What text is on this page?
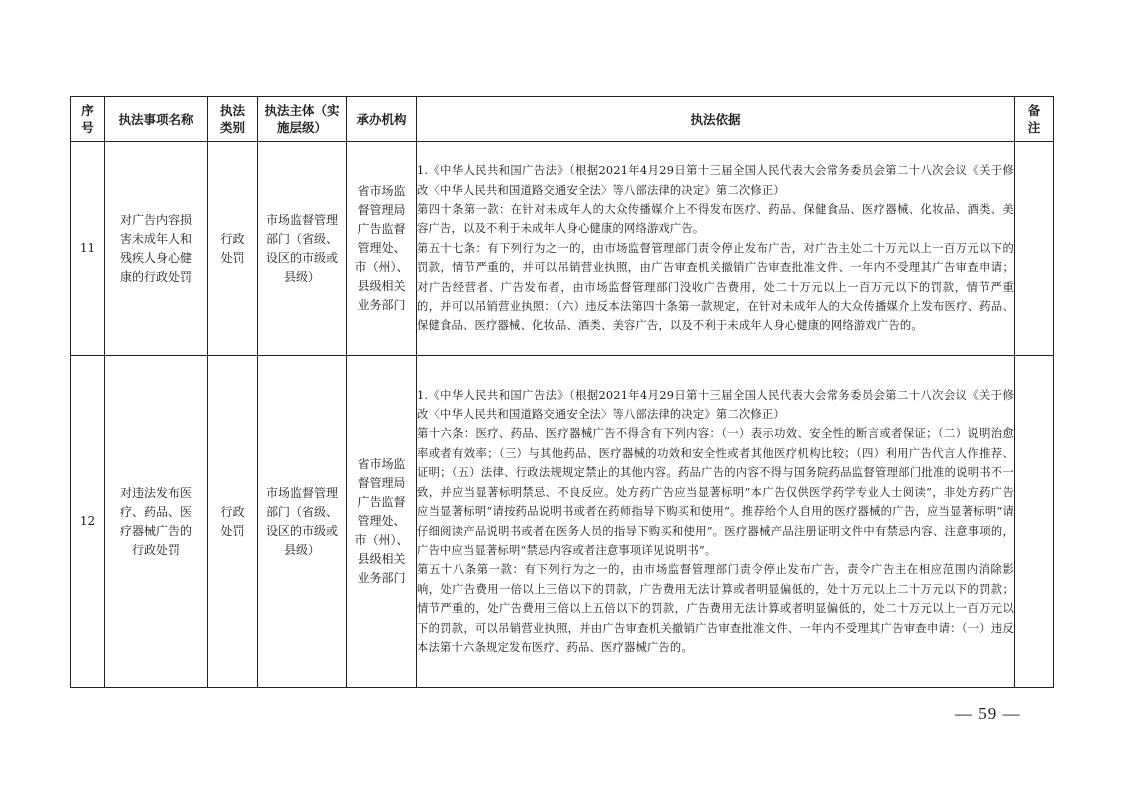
序号	执法事项名称	执法类别	执法主体（实施层级）	承办机构	执法依据	备注
11	对广告内容损害未成年人和残疾人身心健康的行政处罚	行政处罚	市场监督管理部门（省级、设区的市级或县级）	省市场监督管理局广告监督管理处、市（州）、县级相关业务部门	1.《中华人民共和国广告法》（根据2021年4月29日第十三届全国人民代表大会常务委员会第二十八次会议《关于修改〈中华人民共和国道路交通安全法〉等八部法律的决定》第二次修正）

第四十条第一款：在针对未成年人的大众传播媒介上不得发布医疗、药品、保健食品、医疗器械、化妆品、酒类、美容广告，以及不利于未成年人身心健康的网络游戏广告。

第五十七条：有下列行为之一的，由市场监督管理部门责令停止发布广告，对广告主处二十万元以上一百万元以下的罚款，情节严重的，并可以吊销营业执照，由广告审查机关撤销广告审查批准文件、一年内不受理其广告审查申请；对广告经营者、广告发布者，由市场监督管理部门没收广告费用，处二十万元以上一百万元以下的罚款，情节严重的，并可以吊销营业执照：（六）违反本法第四十条第一款规定，在针对未成年人的大众传播媒介上发布医疗、药品、保健食品、医疗器械、化妆品、酒类、美容广告，以及不利于未成年人身心健康的网络游戏广告的。	

12	对违法发布医疗、药品、医疗器械广告的行政处罚	行政处罚	市场监督管理部门（省级、设区的市级或县级）	省市场监督管理局广告监督管理处、市（州）、县级相关业务部门	1.《中华人民共和国广告法》（根据2021年4月29日第十三届全国人民代表大会常务委员会第二十八次会议《关于修改〈中华人民共和国道路交通安全法〉等八部法律的决定》第二次修正）

第十六条：医疗、药品、医疗器械广告不得含有下列内容：（一）表示功效、安全性的断言或者保证；（二）说明治愈率或者有效率；（三）与其他药品、医疗器械的功效和安全性或者其他医疗机构比较；（四）利用广告代言人作推荐、证明；（五）法律、行政法规规定禁止的其他内容。药品广告的内容不得与国务院药品监督管理部门批准的说明书不一致，并应当显著标明禁忌、不良反应。处方药广告应当显著标明“本广告仅供医学药学专业人士阅读”，非处方药广告应当显著标明“请按药品说明书或者在药师指导下购买和使用”。推荐给个人自用的医疗器械的广告，应当显著标明“请仔细阅读产品说明书或者在医务人员的指导下购买和使用”。医疗器械产品注册证明文件中有禁忌内容、注意事项的，广告中应当显著标明“禁忌内容或者注意事项详见说明书”。

第五十八条第一款：有下列行为之一的，由市场监督管理部门责令停止发布广告，责令广告主在相应范围内消除影响，处广告费用一倍以上三倍以下的罚款，广告费用无法计算或者明显偏低的，处十万元以上二十万元以下的罚款；情节严重的，处广告费用三倍以上五倍以下的罚款，广告费用无法计算或者明显偏低的，处二十万元以上一百万元以下的罚款，可以吊销营业执照，并由广告审查机关撤销广告审查批准文件、一年内不受理其广告审查申请：（一）违反本法第十六条规定发布医疗、药品、医疗器械广告的。	

— 59 —
